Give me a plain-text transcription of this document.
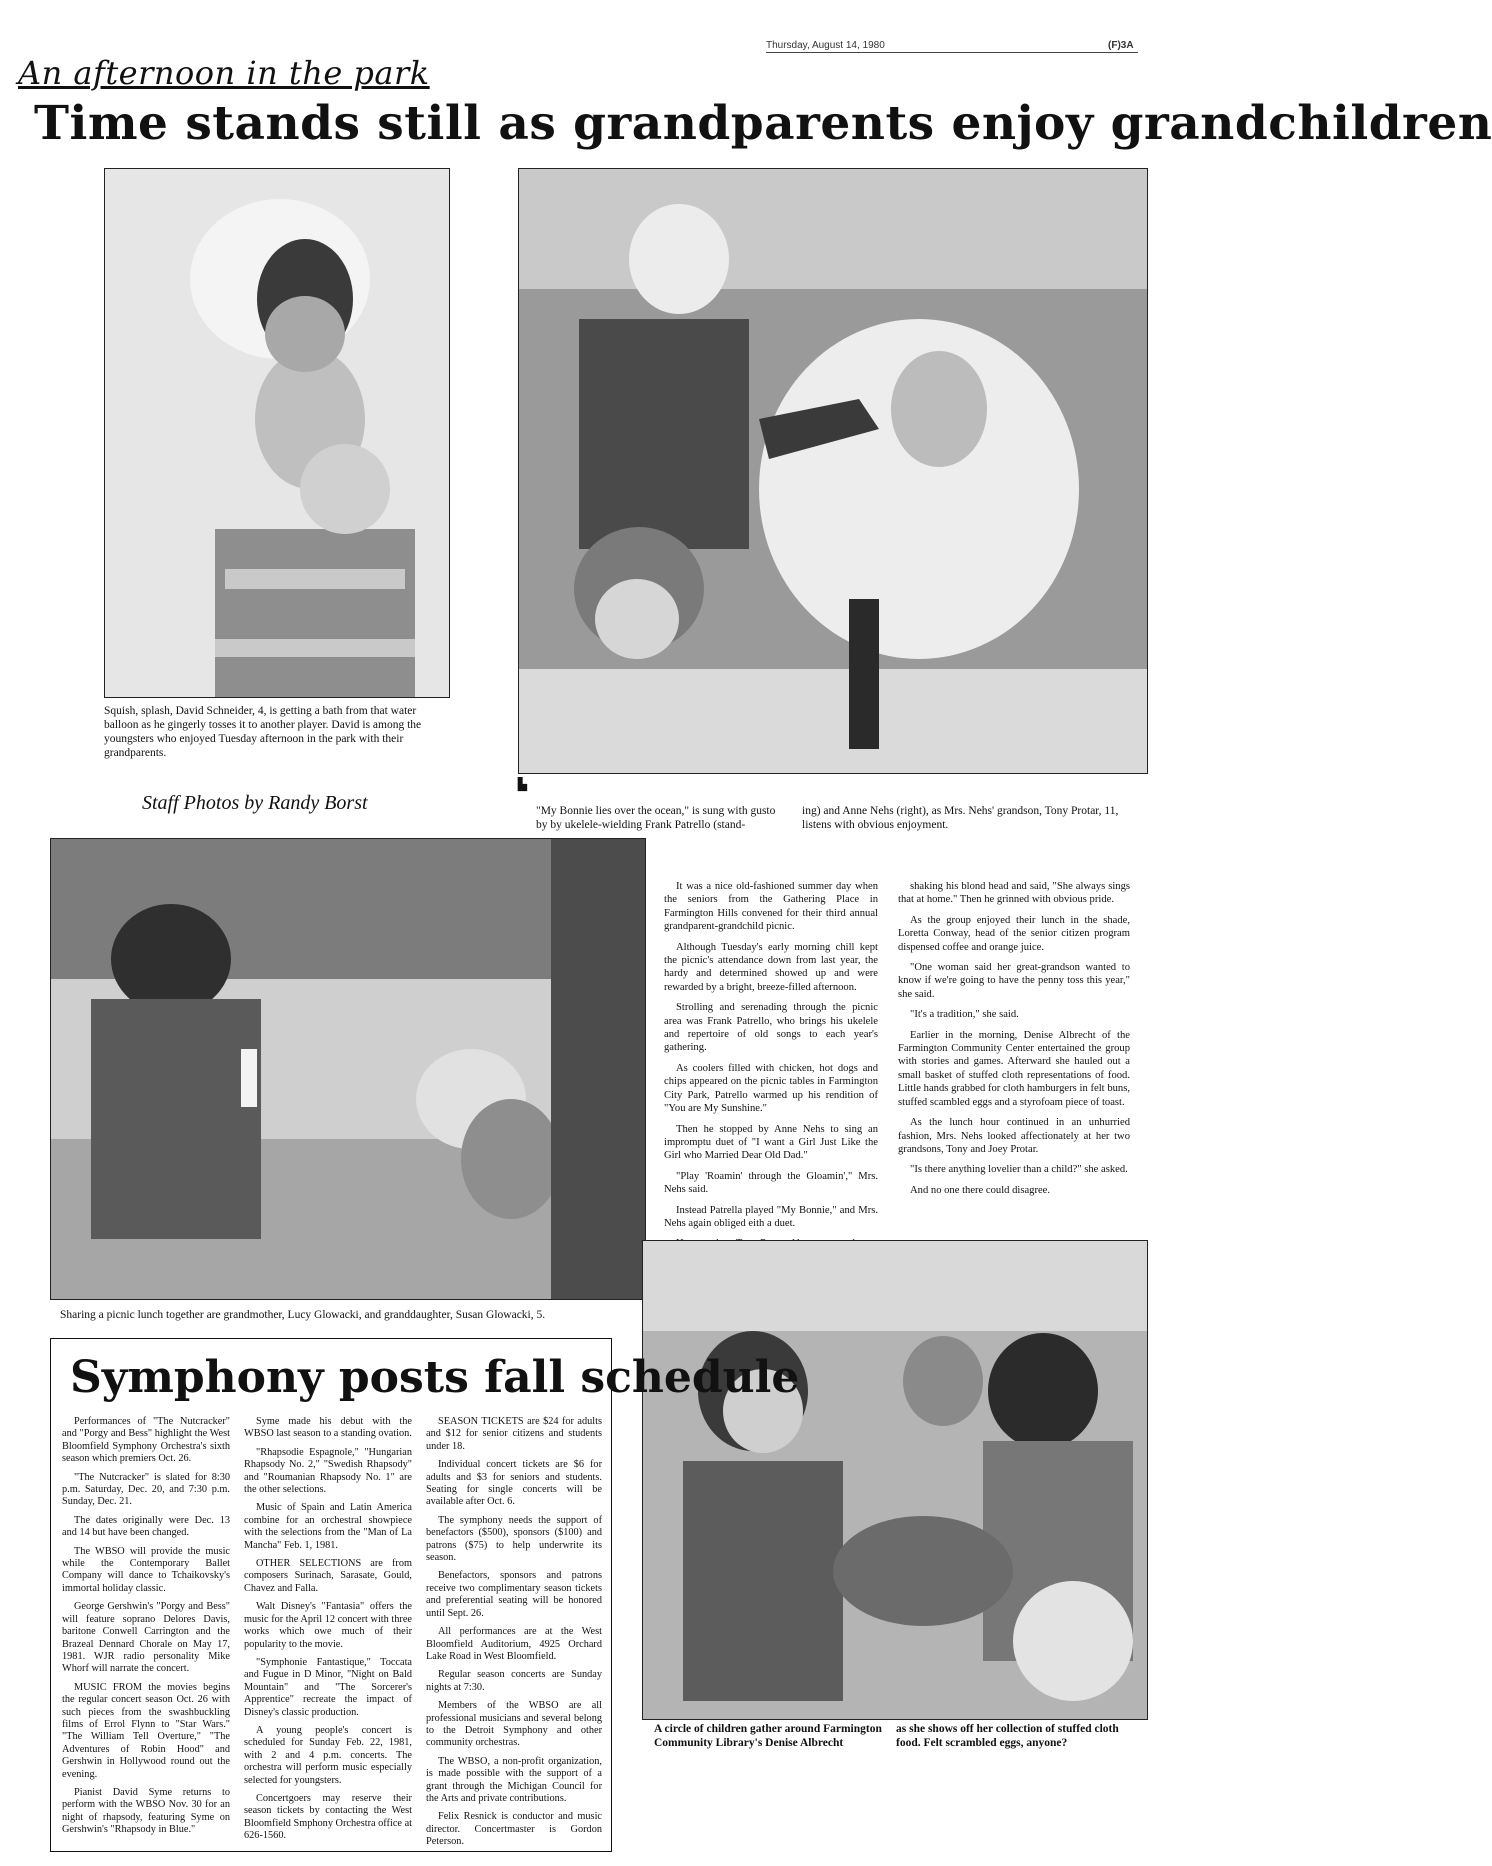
Thursday, August 14, 1980	(F)3A
An afternoon in the park
Time stands still as grandparents enjoy grandchildren
Squish, splash, David Schneider, 4, is getting a bath from that water balloon as he gingerly tosses it to another player. David is among the youngsters who enjoyed Tuesday afternoon in the park with their grandparents.
Staff Photos by Randy Borst
▙
"My Bonnie lies over the ocean," is sung with gusto by by ukelele-wielding Frank Patrello (stand-
ing) and Anne Nehs (right), as Mrs. Nehs' grandson, Tony Protar, 11, listens with obvious enjoyment.
Sharing a picnic lunch together are grandmother, Lucy Glowacki, and granddaughter, Susan Glowacki, 5.

It was a nice old-fashioned summer day when the seniors from the Gathering Place in Farmington Hills convened for their third annual grandparent-grandchild picnic.

Although Tuesday's early morning chill kept the picnic's attendance down from last year, the hardy and determined showed up and were rewarded by a bright, breeze-filled afternoon.

Strolling and serenading through the picnic area was Frank Patrello, who brings his ukelele and repertoire of old songs to each year's gathering.

As coolers filled with chicken, hot dogs and chips appeared on the picnic tables in Farmington City Park, Patrello warmed up his rendition of "You are My Sunshine."

Then he stopped by Anne Nehs to sing an impromptu duet of "I want a Girl Just Like the Girl who Married Dear Old Dad."

"Play 'Roamin' through the Gloamin'," Mrs. Nehs said.

Instead Patrella played "My Bonnie," and Mrs. Nehs again obliged eith a duet.

shaking his blond head and said, "She always sings that at home." Then he grinned with obvious pride.

As the group enjoyed their lunch in the shade, Loretta Conway, head of the senior citizen program dispensed coffee and orange juice.

"One woman said her great-grandson wanted to know if we're going to have the penny toss this year," she said.

"It's a tradition," she said.

Earlier in the morning, Denise Albrecht of the Farmington Community Center entertained the group with stories and games. Afterward she hauled out a small basket of stuffed cloth representations of food. Little hands grabbed for cloth hamburgers in felt buns, stuffed scambled eggs and a styrofoam piece of toast.

As the lunch hour continued in an unhurried fashion, Mrs. Nehs looked affectionately at her two grandsons, Tony and Joey Protar.

"Is there anything lovelier than a child?" she asked.

And no one there could disagree.

A circle of children gather around Farmington Community Library's Denise Albrecht
as she shows off her collection of stuffed cloth food. Felt scrambled eggs, anyone?
Symphony posts fall schedule

Performances of "The Nutcracker" and "Porgy and Bess" highlight the West Bloomfield Symphony Orchestra's sixth season which premiers Oct. 26.

"The Nutcracker" is slated for 8:30 p.m. Saturday, Dec. 20, and 7:30 p.m. Sunday, Dec. 21.

The dates originally were Dec. 13 and 14 but have been changed.

The WBSO will provide the music while the Contemporary Ballet Company will dance to Tchaikovsky's immortal holiday classic.

George Gershwin's "Porgy and Bess" will feature soprano Delores Davis, baritone Conwell Carrington and the Brazeal Dennard Chorale on May 17, 1981. WJR radio personality Mike Whorf will narrate the concert.

MUSIC FROM the movies begins the regular concert season Oct. 26 with such pieces from the swashbuckling films of Errol Flynn to "Star Wars." "The William Tell Overture," "The Adventures of Robin Hood" and Gershwin in Hollywood round out the evening.

Pianist David Syme returns to perform with the WBSO Nov. 30 for an night of rhapsody, featuring Syme on Gershwin's "Rhapsody in Blue."

Syme made his debut with the WBSO last season to a standing ovation.

"Rhapsodie Espagnole," "Hungarian Rhapsody No. 2," "Swedish Rhapsody" and "Roumanian Rhapsody No. 1" are the other selections.

Music of Spain and Latin America combine for an orchestral showpiece with the selections from the "Man of La Mancha" Feb. 1, 1981.

OTHER SELECTIONS are from composers Surinach, Sarasate, Gould, Chavez and Falla.

Walt Disney's "Fantasia" offers the music for the April 12 concert with three works which owe much of their popularity to the movie.

"Symphonie Fantastique," Toccata and Fugue in D Minor, "Night on Bald Mountain" and "The Sorcerer's Apprentice" recreate the impact of Disney's classic production.

A young people's concert is scheduled for Sunday Feb. 22, 1981, with 2 and 4 p.m. concerts. The orchestra will perform music especially selected for youngsters.

Concertgoers may reserve their season tickets by contacting the West Bloomfield Smphony Orchestra office at 626-1560.

SEASON TICKETS are $24 for adults and $12 for senior citizens and students under 18.

Individual concert tickets are $6 for adults and $3 for seniors and students. Seating for single concerts will be available after Oct. 6.

The symphony needs the support of benefactors ($500), sponsors ($100) and patrons ($75) to help underwrite its season.

Benefactors, sponsors and patrons receive two complimentary season tickets and preferential seating will be honored until Sept. 26.

All performances are at the West Bloomfield Auditorium, 4925 Orchard Lake Road in West Bloomfield.

Regular season concerts are Sunday nights at 7:30.

Members of the WBSO are all professional musicians and several belong to the Detroit Symphony and other community orchestras.

The WBSO, a non-profit organization, is made possible with the support of a grant through the Michigan Council for the Arts and private contributions.

Felix Resnick is conductor and music director. Concertmaster is Gordon Peterson.
